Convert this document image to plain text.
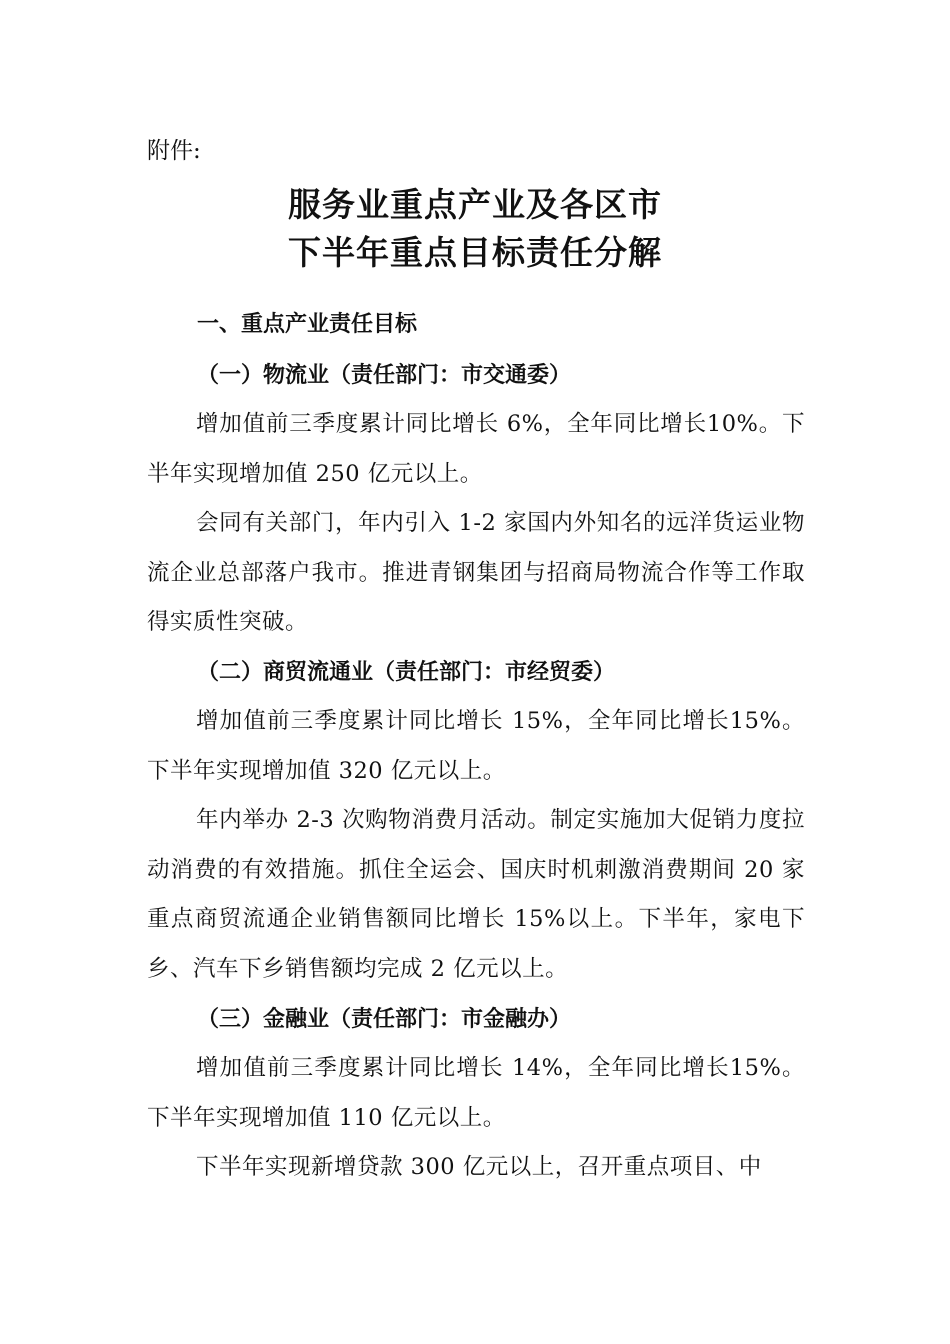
附件:
服务业重点产业及各区市
下半年重点目标责任分解
一、重点产业责任目标
（一）物流业（责任部门：市交通委）

增加值前三季度累计同比增长 6%，全年同比增长10%。下半年实现增加值 250 亿元以上。

会同有关部门，年内引入 1-2 家国内外知名的远洋货运业物流企业总部落户我市。推进青钢集团与招商局物流合作等工作取得实质性突破。

（二）商贸流通业（责任部门：市经贸委）

增加值前三季度累计同比增长 15%，全年同比增长15%。下半年实现增加值 320 亿元以上。

年内举办 2-3 次购物消费月活动。制定实施加大促销力度拉动消费的有效措施。抓住全运会、国庆时机刺激消费期间 20 家重点商贸流通企业销售额同比增长 15%以上。下半年，家电下乡、汽车下乡销售额均完成 2 亿元以上。

（三）金融业（责任部门：市金融办）

增加值前三季度累计同比增长 14%，全年同比增长15%。下半年实现增加值 110 亿元以上。

下半年实现新增贷款 300 亿元以上，召开重点项目、中
